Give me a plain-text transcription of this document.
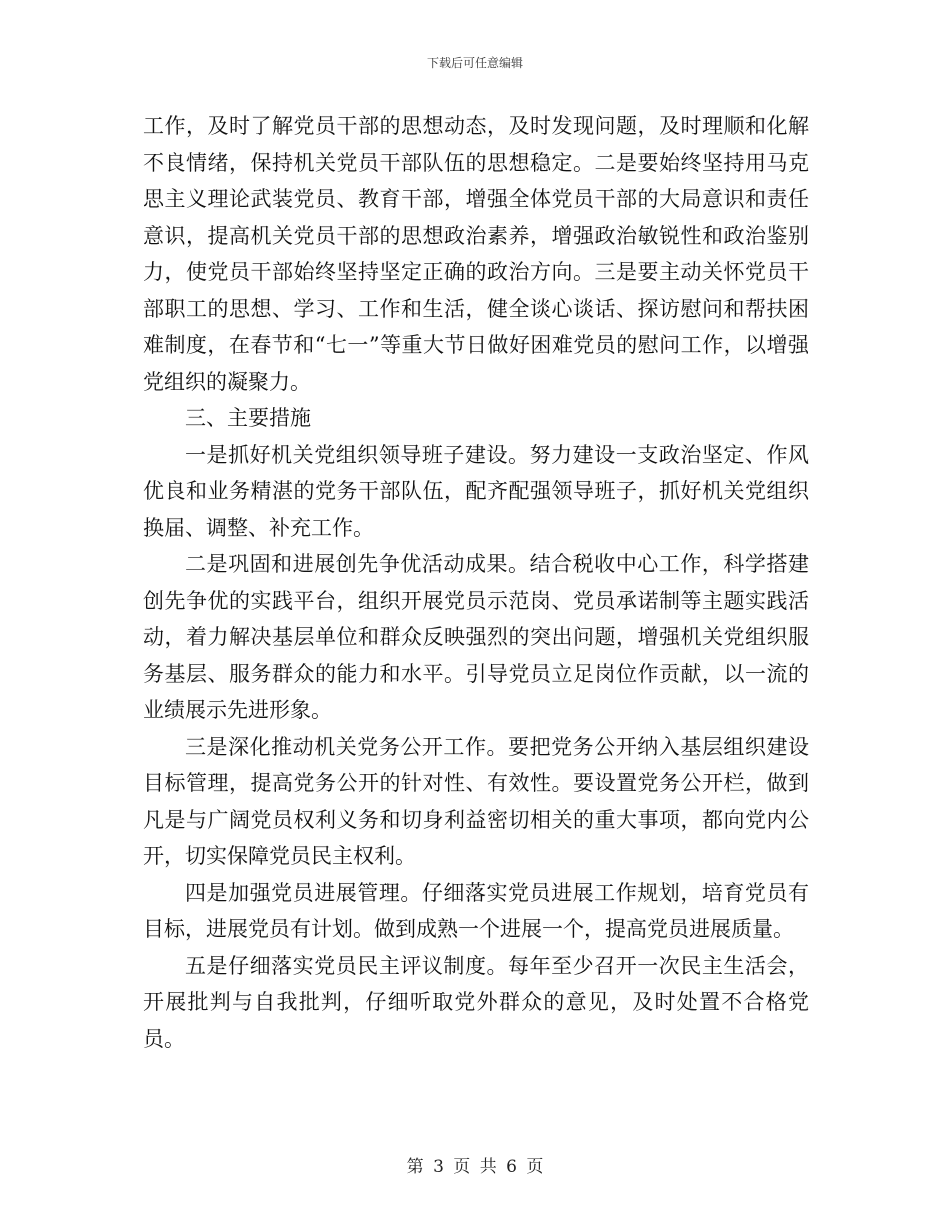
下载后可任意编辑

工作，及时了解党员干部的思想动态，及时发现问题，及时理顺和化解不良情绪，保持机关党员干部队伍的思想稳定。二是要始终坚持用马克思主义理论武装党员、教育干部，增强全体党员干部的大局意识和责任意识，提高机关党员干部的思想政治素养，增强政治敏锐性和政治鉴别力，使党员干部始终坚持坚定正确的政治方向。三是要主动关怀党员干部职工的思想、学习、工作和生活，健全谈心谈话、探访慰问和帮扶困难制度，在春节和“七一”等重大节日做好困难党员的慰问工作，以增强党组织的凝聚力。

三、主要措施

一是抓好机关党组织领导班子建设。努力建设一支政治坚定、作风优良和业务精湛的党务干部队伍，配齐配强领导班子，抓好机关党组织换届、调整、补充工作。

二是巩固和进展创先争优活动成果。结合税收中心工作，科学搭建创先争优的实践平台，组织开展党员示范岗、党员承诺制等主题实践活动，着力解决基层单位和群众反映强烈的突出问题，增强机关党组织服务基层、服务群众的能力和水平。引导党员立足岗位作贡献，以一流的业绩展示先进形象。

三是深化推动机关党务公开工作。要把党务公开纳入基层组织建设目标管理，提高党务公开的针对性、有效性。要设置党务公开栏，做到凡是与广阔党员权利义务和切身利益密切相关的重大事项，都向党内公开，切实保障党员民主权利。

四是加强党员进展管理。仔细落实党员进展工作规划，培育党员有目标，进展党员有计划。做到成熟一个进展一个，提高党员进展质量。

五是仔细落实党员民主评议制度。每年至少召开一次民主生活会，开展批判与自我批判，仔细听取党外群众的意见，及时处置不合格党员。

第 3 页 共 6 页
